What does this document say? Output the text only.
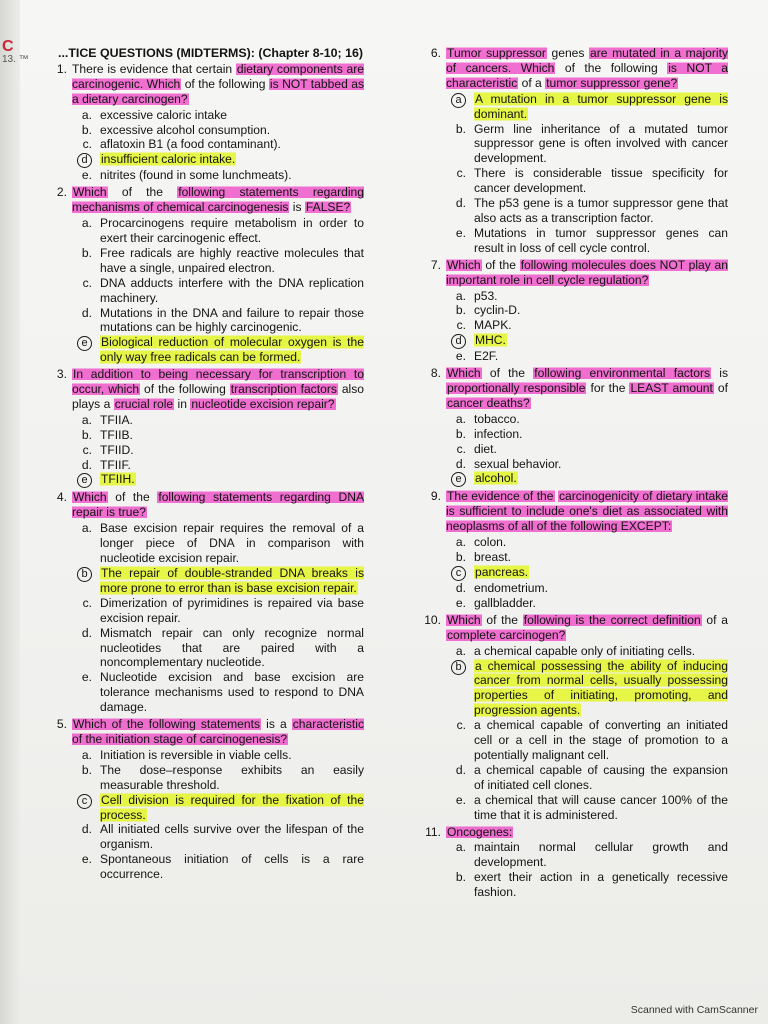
C
13. ™ ...TICE QUESTIONS (MIDTERMS): (Chapter 8-10; 16)
1. There is evidence that certain dietary components are carcinogenic. Which of the following is NOT tabbed as a dietary carcinogen?
a. excessive caloric intake
b. excessive alcohol consumption.
c. aflatoxin B1 (a food contaminant).
d	insufficient caloric intake.
e. nitrites (found in some lunchmeats).
2. Which of the following statements regarding mechanisms of chemical carcinogenesis is FALSE?
a. Procarcinogens require metabolism in order to exert their carcinogenic effect.
b. Free radicals are highly reactive molecules that have a single, unpaired electron.
c. DNA adducts interfere with the DNA replication machinery.
d. Mutations in the DNA and failure to repair those mutations can be highly carcinogenic.
e	Biological reduction of molecular oxygen is the only way free radicals can be formed.
3. In addition to being necessary for transcription to occur, which of the following transcription factors also plays a crucial role in nucleotide excision repair?
a. TFIIA.
b. TFIIB.
c. TFIID.
d. TFIIF.
e	TFIIH.
4. Which of the following statements regarding DNA repair is true?
a. Base excision repair requires the removal of a longer piece of DNA in comparison with nucleotide excision repair.
b	The repair of double-stranded DNA breaks is more prone to error than is base excision repair.
c. Dimerization of pyrimidines is repaired via base excision repair.
d. Mismatch repair can only recognize normal nucleotides that are paired with a noncomplementary nucleotide.
e. Nucleotide excision and base excision are tolerance mechanisms used to respond to DNA damage.
5. Which of the following statements is a characteristic of the initiation stage of carcinogenesis?
a. Initiation is reversible in viable cells.
b. The dose–response exhibits an easily measurable threshold.
c	Cell division is required for the fixation of the process.
d. All initiated cells survive over the lifespan of the organism.
e. Spontaneous initiation of cells is a rare occurrence.
6. Tumor suppressor genes are mutated in a majority of cancers. Which of the following is NOT a characteristic of a tumor suppressor gene?
a	A mutation in a tumor suppressor gene is dominant.
b. Germ line inheritance of a mutated tumor suppressor gene is often involved with cancer development.
c. There is considerable tissue specificity for cancer development.
d. The p53 gene is a tumor suppressor gene that also acts as a transcription factor.
e. Mutations in tumor suppressor genes can result in loss of cell cycle control.
7. Which of the following molecules does NOT play an important role in cell cycle regulation?
a. p53.
b. cyclin-D.
c. MAPK.
d	MHC.
e. E2F.
8. Which of the following environmental factors is proportionally responsible for the LEAST amount of cancer deaths?
a. tobacco.
b. infection.
c. diet.
d. sexual behavior.
e	alcohol.
9. The evidence of the carcinogenicity of dietary intake is sufficient to include one's diet as associated with neoplasms of all of the following EXCEPT:
a. colon.
b. breast.
c	pancreas.
d. endometrium.
e. gallbladder.
10. Which of the following is the correct definition of a complete carcinogen?
a. a chemical capable only of initiating cells.
b	a chemical possessing the ability of inducing cancer from normal cells, usually possessing properties of initiating, promoting, and progression agents.
c. a chemical capable of converting an initiated cell or a cell in the stage of promotion to a potentially malignant cell.
d. a chemical capable of causing the expansion of initiated cell clones.
e. a chemical that will cause cancer 100% of the time that it is administered.
11. Oncogenes:
a. maintain normal cellular growth and development.
b. exert their action in a genetically recessive fashion.
Scanned with CamScanner
